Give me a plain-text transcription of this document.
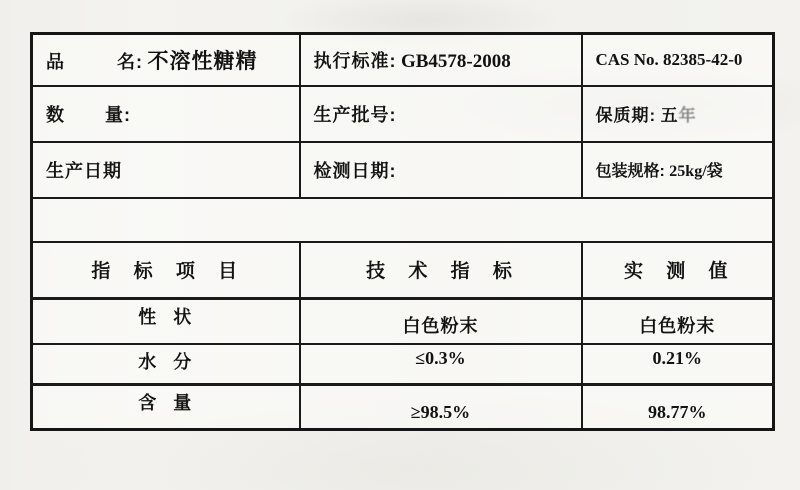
品 名: 不溶性糖精	执行标准: GB4578-2008	CAS No. 82385-42-0
数 量:	生产批号:	保质期: 五年
生产日期	检测日期:	包装规格: 25kg/袋

指 标 项 目	技 术 指 标	实 测 值
性 状	白色粉末	白色粉末
水 分	≤0.3%	0.21%
含 量	≥98.5%	98.77%
